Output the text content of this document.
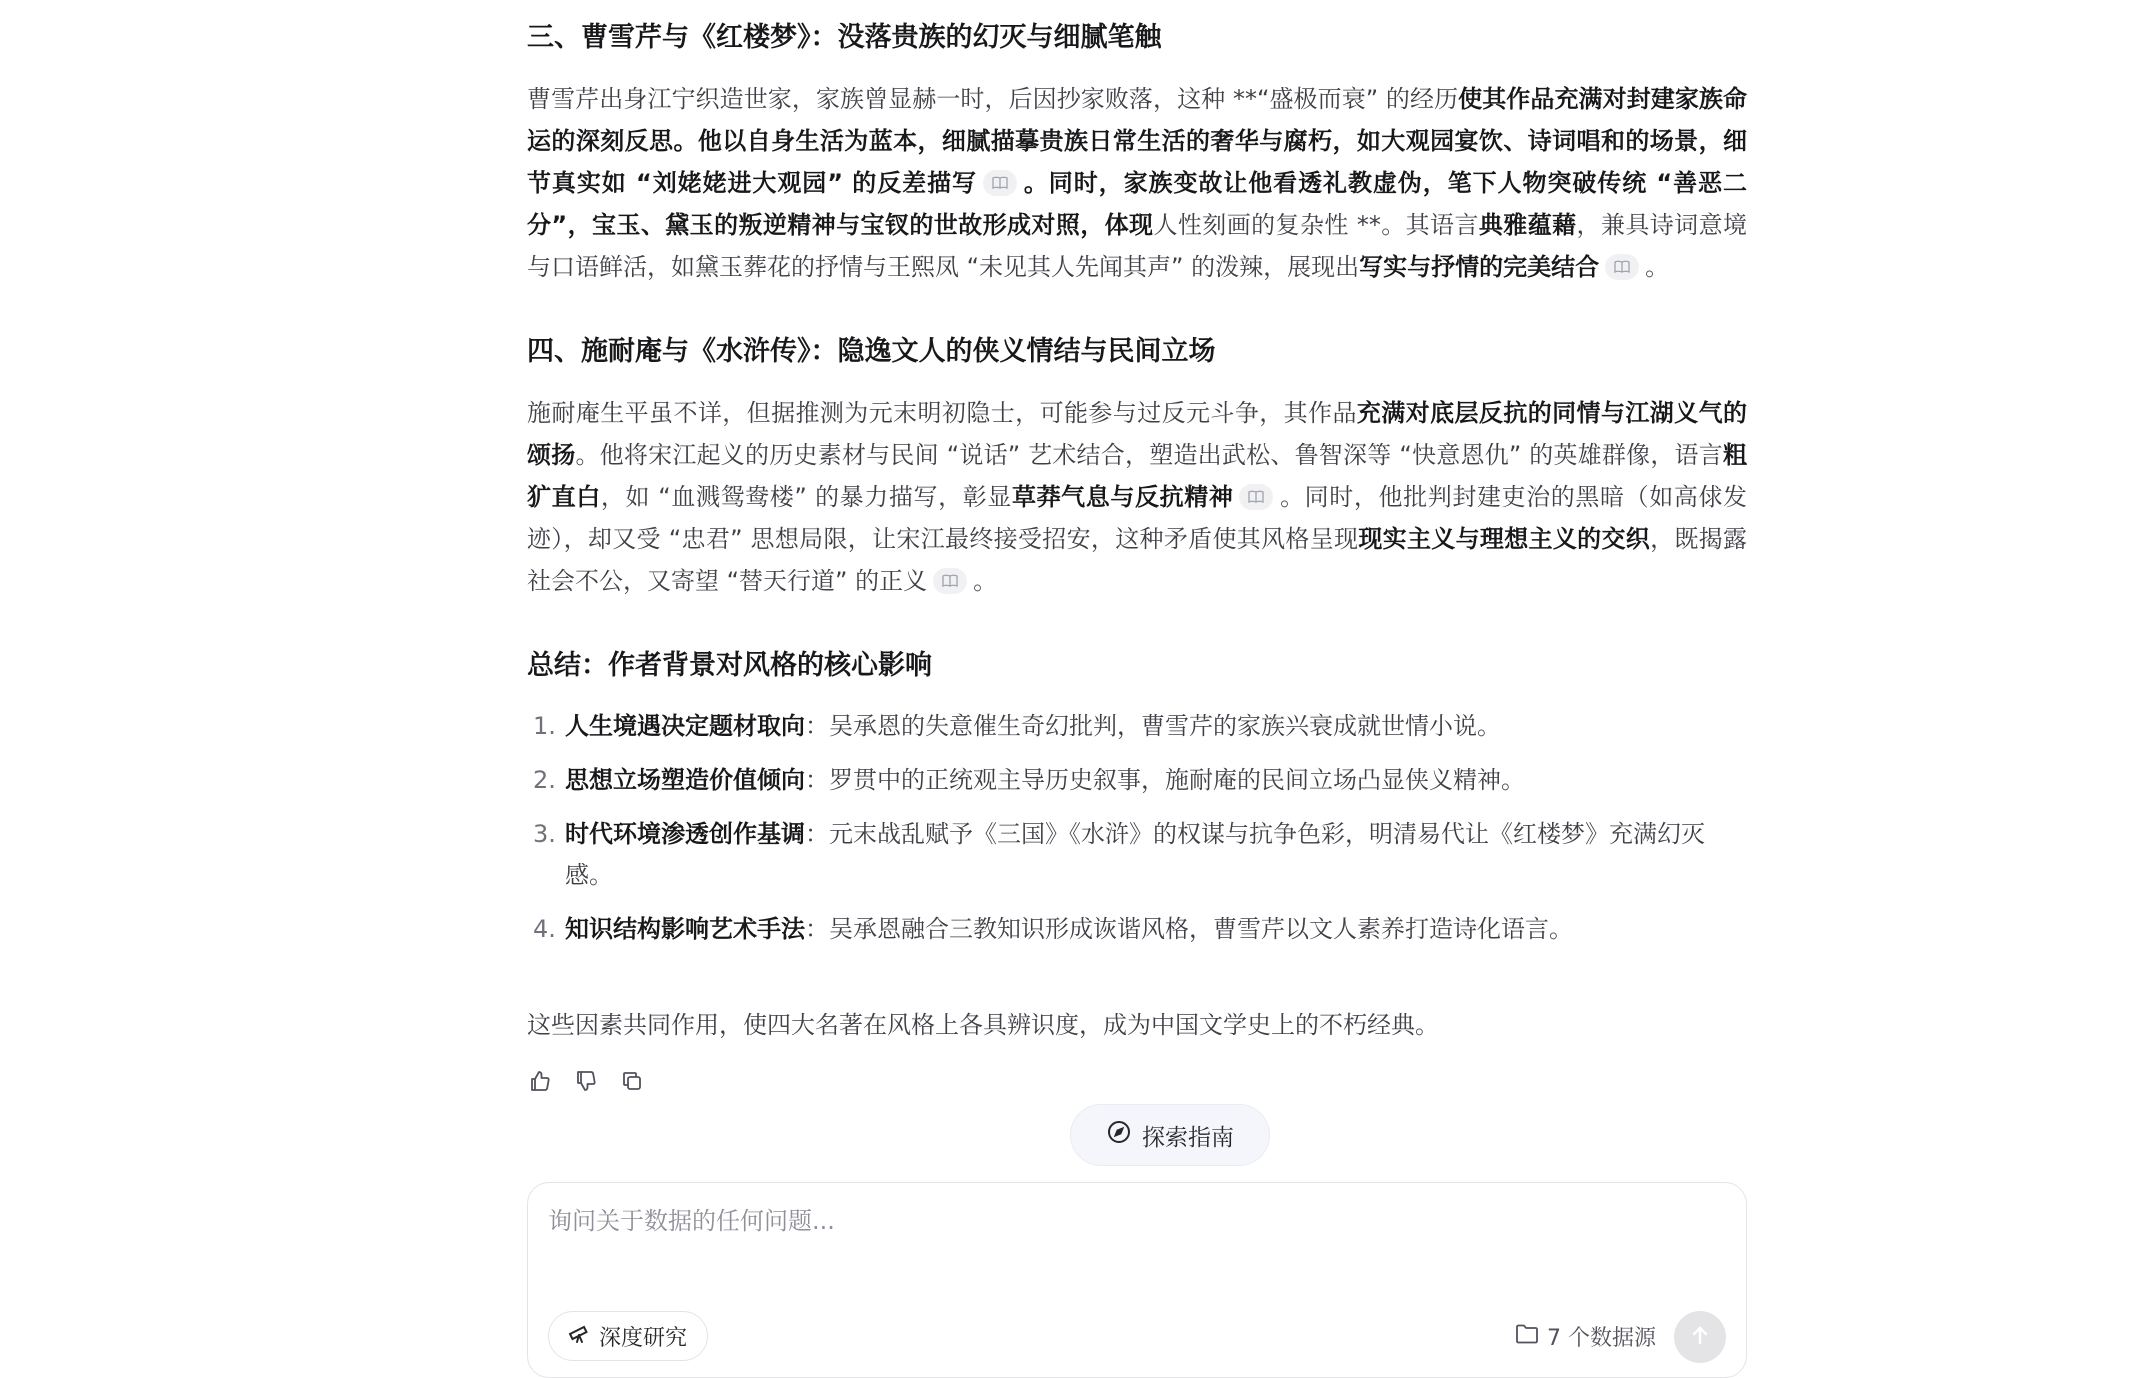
三、曹雪芹与《红楼梦》：没落贵族的幻灭与细腻笔触

曹雪芹出身江宁织造世家，家族曾显赫一时，后因抄家败落，这种 **“盛极而衰” 的经历使其作品充满对封建家族命运的深刻反思。他以自身生活为蓝本，细腻描摹贵族日常生活的奢华与腐朽，如大观园宴饮、诗词唱和的场景，细节真实如 “刘姥姥进大观园” 的反差描写 。同时，家族变故让他看透礼教虚伪，笔下人物突破传统 “善恶二分”，宝玉、黛玉的叛逆精神与宝钗的世故形成对照，体现人性刻画的复杂性 **。其语言典雅蕴藉，兼具诗词意境与口语鲜活，如黛玉葬花的抒情与王熙凤 “未见其人先闻其声” 的泼辣，展现出写实与抒情的完美结合 。

四、施耐庵与《水浒传》：隐逸文人的侠义情结与民间立场

施耐庵生平虽不详，但据推测为元末明初隐士，可能参与过反元斗争，其作品充满对底层反抗的同情与江湖义气的颂扬。他将宋江起义的历史素材与民间 “说话” 艺术结合，塑造出武松、鲁智深等 “快意恩仇” 的英雄群像，语言粗犷直白，如 “血溅鸳鸯楼” 的暴力描写，彰显草莽气息与反抗精神 。同时，他批判封建吏治的黑暗（如高俅发迹），却又受 “忠君” 思想局限，让宋江最终接受招安，这种矛盾使其风格呈现现实主义与理想主义的交织，既揭露社会不公，又寄望 “替天行道” 的正义 。

总结：作者背景对风格的核心影响
1. 人生境遇决定题材取向：吴承恩的失意催生奇幻批判，曹雪芹的家族兴衰成就世情小说。
2. 思想立场塑造价值倾向：罗贯中的正统观主导历史叙事，施耐庵的民间立场凸显侠义精神。
3. 时代环境渗透创作基调：元末战乱赋予《三国》《水浒》的权谋与抗争色彩，明清易代让《红楼梦》充满幻灭感。
4. 知识结构影响艺术手法：吴承恩融合三教知识形成诙谐风格，曹雪芹以文人素养打造诗化语言。

这些因素共同作用，使四大名著在风格上各具辨识度，成为中国文学史上的不朽经典。

探索指南
询问关于数据的任何问题...
深度研究	7 个数据源
